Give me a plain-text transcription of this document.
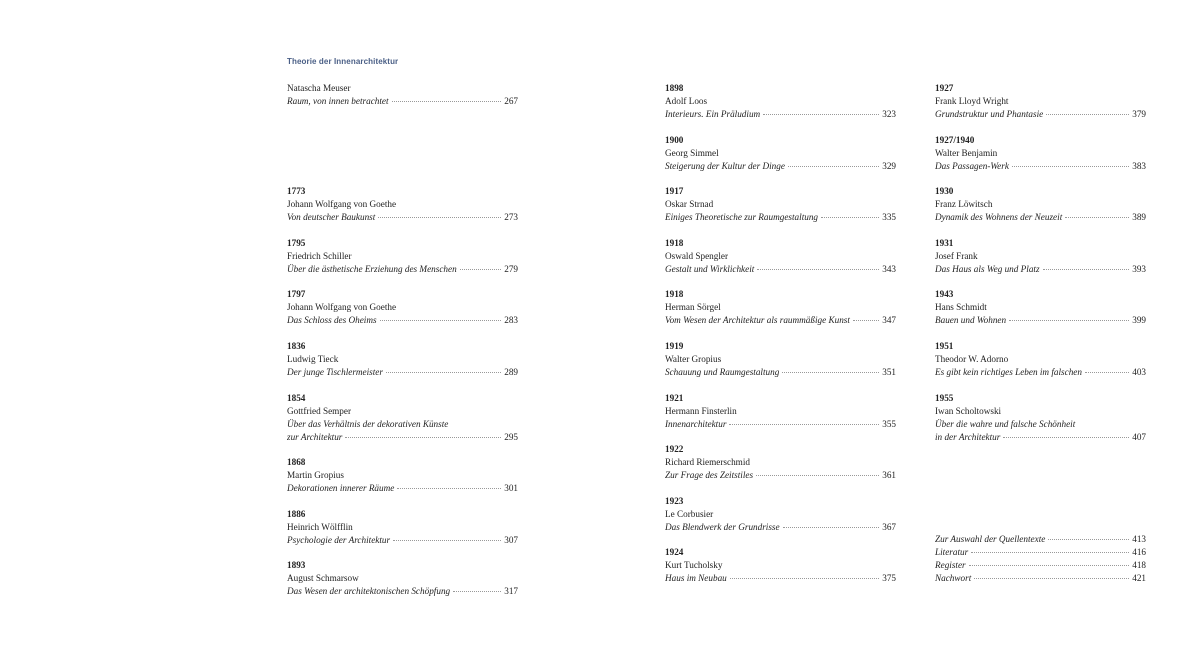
Theorie der Innenarchitektur
Natascha Meuser
Raum, von innen betrachtet	267
1773
Johann Wolfgang von Goethe
Von deutscher Baukunst	273
1795
Friedrich Schiller
Über die ästhetische Erziehung des Menschen	279
1797
Johann Wolfgang von Goethe
Das Schloss des Oheims	283
1836
Ludwig Tieck
Der junge Tischlermeister	289
1854
Gottfried Semper
Über das Verhältnis der dekorativen Künste
zur Architektur	295
1868
Martin Gropius
Dekorationen innerer Räume	301
1886
Heinrich Wölfflin
Psychologie der Architektur	307
1893
August Schmarsow
Das Wesen der architektonischen Schöpfung	317
1898
Adolf Loos
Interieurs. Ein Präludium	323
1900
Georg Simmel
Steigerung der Kultur der Dinge	329
1917
Oskar Strnad
Einiges Theoretische zur Raumgestaltung	335
1918
Oswald Spengler
Gestalt und Wirklichkeit	343
1918
Herman Sörgel
Vom Wesen der Architektur als raummäßige Kunst	347
1919
Walter Gropius
Schauung und Raumgestaltung	351
1921
Hermann Finsterlin
Innenarchitektur	355
1922
Richard Riemerschmid
Zur Frage des Zeitstiles	361
1923
Le Corbusier
Das Blendwerk der Grundrisse	367
1924
Kurt Tucholsky
Haus im Neubau	375
1927
Frank Lloyd Wright
Grundstruktur und Phantasie	379
1927/1940
Walter Benjamin
Das Passagen-Werk	383
1930
Franz Löwitsch
Dynamik des Wohnens der Neuzeit	389
1931
Josef Frank
Das Haus als Weg und Platz	393
1943
Hans Schmidt
Bauen und Wohnen	399
1951
Theodor W. Adorno
Es gibt kein richtiges Leben im falschen	403
1955
Iwan Scholtowski
Über die wahre und falsche Schönheit
in der Architektur	407
Zur Auswahl der Quellentexte	413
Literatur	416
Register	418
Nachwort	421
